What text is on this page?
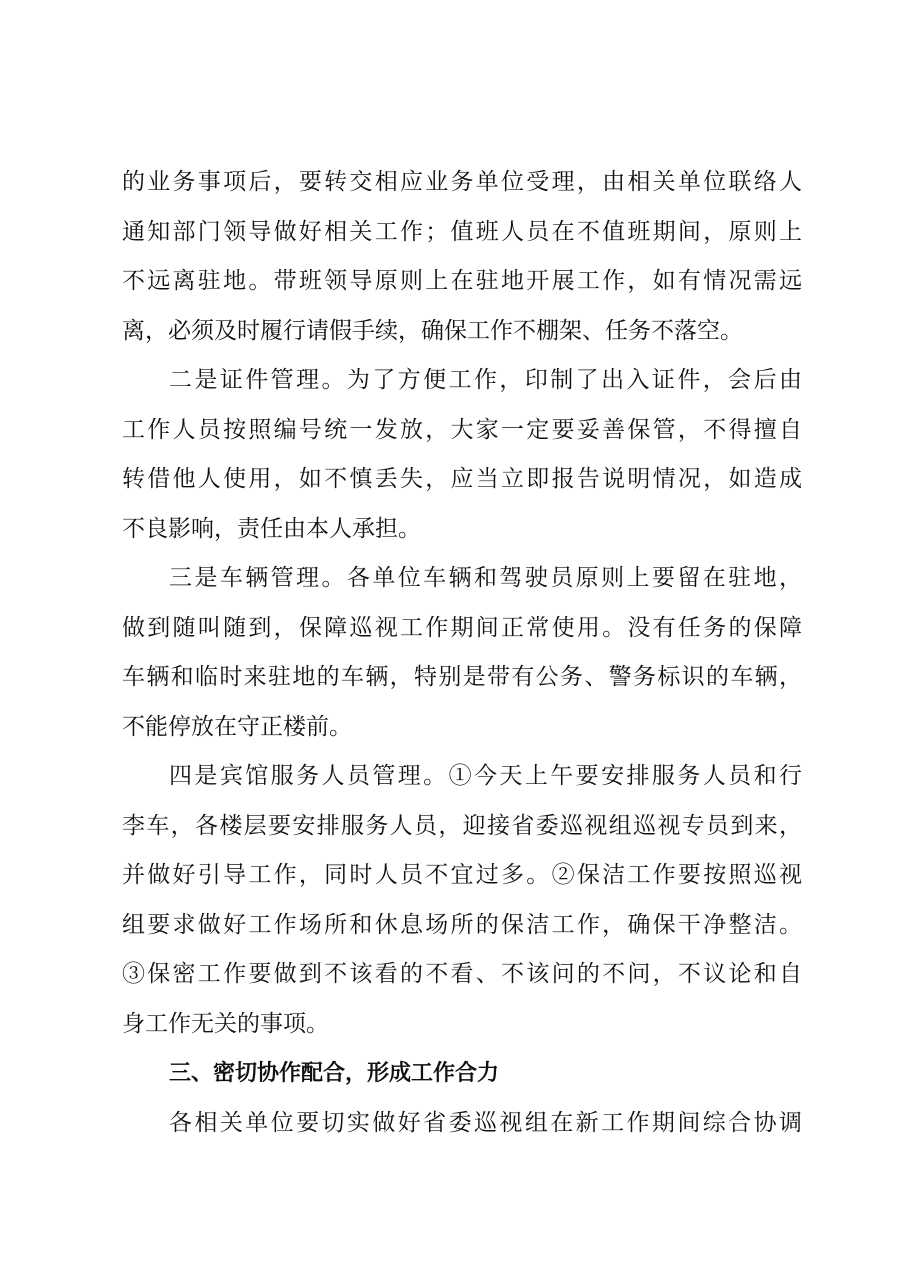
的业务事项后，要转交相应业务单位受理，由相关单位联络人
通知部门领导做好相关工作；值班人员在不值班期间，原则上
不远离驻地。带班领导原则上在驻地开展工作，如有情况需远
离，必须及时履行请假手续，确保工作不棚架、任务不落空。
二是证件管理。为了方便工作，印制了出入证件，会后由
工作人员按照编号统一发放，大家一定要妥善保管，不得擅自
转借他人使用，如不慎丢失，应当立即报告说明情况，如造成
不良影响，责任由本人承担。
三是车辆管理。各单位车辆和驾驶员原则上要留在驻地，
做到随叫随到，保障巡视工作期间正常使用。没有任务的保障
车辆和临时来驻地的车辆，特别是带有公务、警务标识的车辆，
不能停放在守正楼前。
四是宾馆服务人员管理。①今天上午要安排服务人员和行
李车，各楼层要安排服务人员，迎接省委巡视组巡视专员到来，
并做好引导工作，同时人员不宜过多。②保洁工作要按照巡视
组要求做好工作场所和休息场所的保洁工作，确保干净整洁。
③保密工作要做到不该看的不看、不该问的不问，不议论和自
身工作无关的事项。
三、密切协作配合，形成工作合力
各相关单位要切实做好省委巡视组在新工作期间综合协调
